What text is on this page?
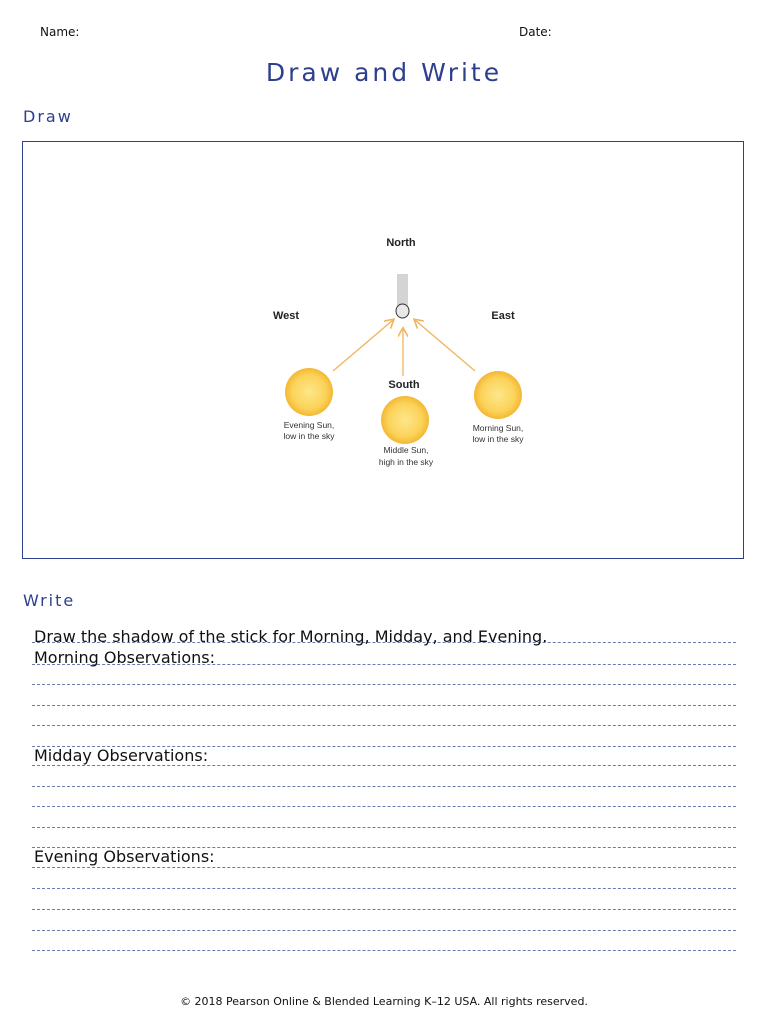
Name:	Date:
Draw and Write
Draw
North
West	East
South
Evening Sun,
low in the sky
Middle Sun,
high in the sky
Morning Sun,
low in the sky
Write
Draw the shadow of the stick for Morning, Midday, and Evening.
Morning Observations:
Midday Observations:
Evening Observations:
© 2018 Pearson Online & Blended Learning K–12 USA. All rights reserved.
